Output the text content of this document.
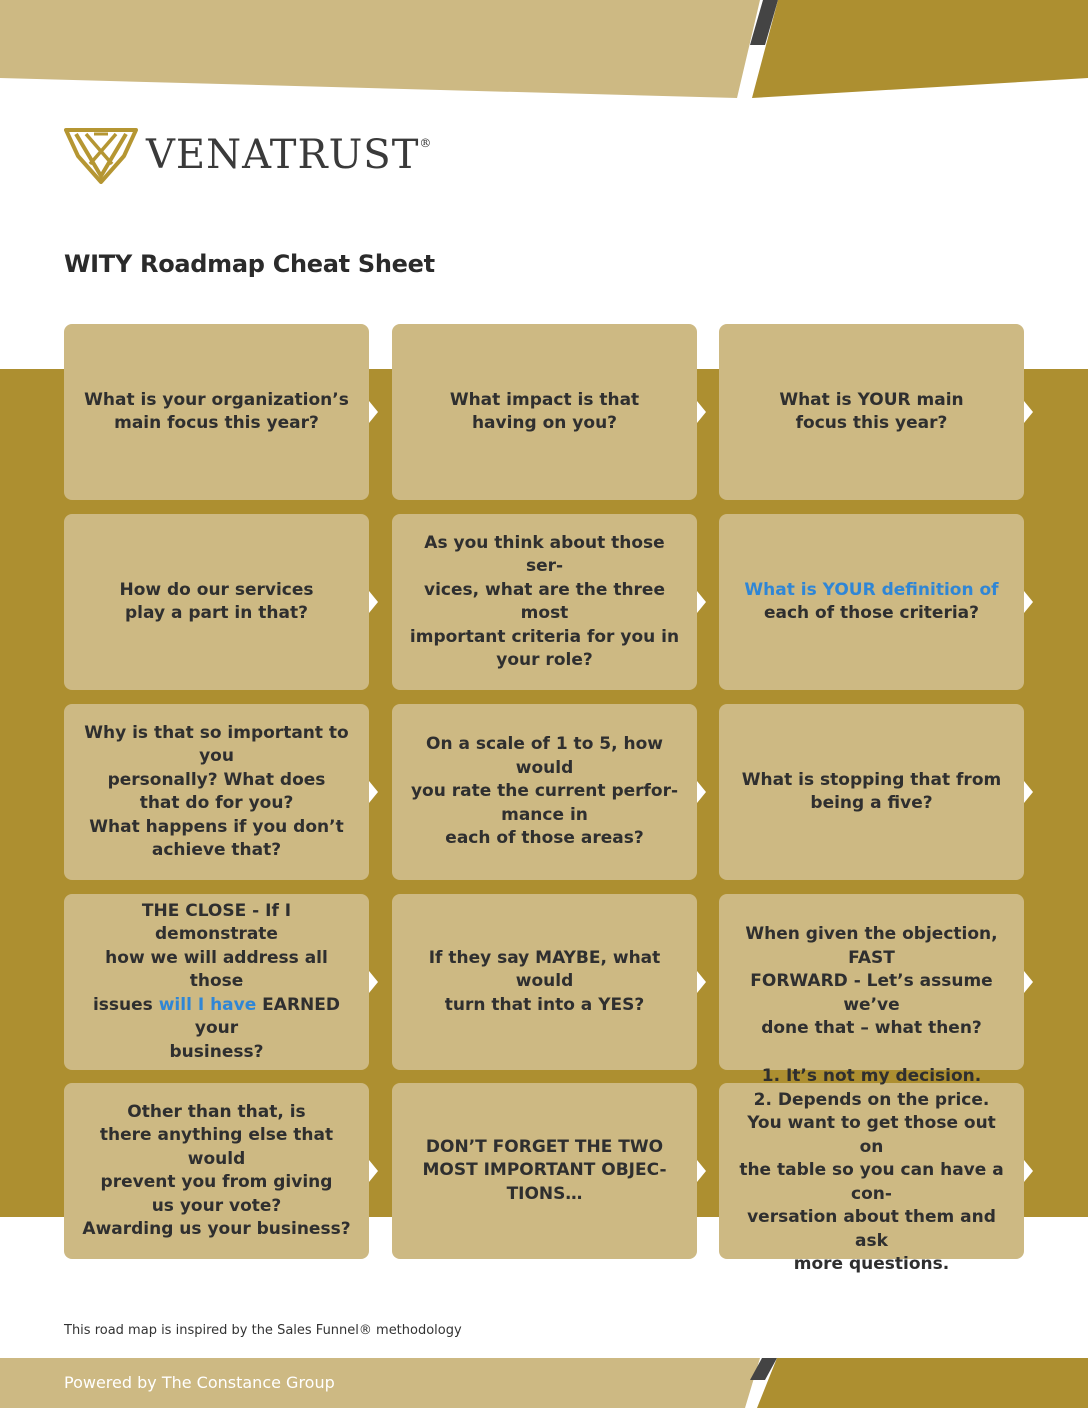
VENATRUST®
WITY Roadmap Cheat Sheet
What is your organization’s
main focus this year?
What impact is that
having on you?
What is YOUR main
focus this year?
How do our services
play a part in that?
As you think about those ser-
vices, what are the three most
important criteria for you in
your role?
What is YOUR definition of
each of those criteria?
Why is that so important to you
personally? What does
that do for you?
What happens if you don’t
achieve that?
On a scale of 1 to 5, how would
you rate the current perfor-
mance in
each of those areas?
What is stopping that from
being a five?
THE CLOSE - If I demonstrate
how we will address all those
issues will I have EARNED your
business?
If they say MAYBE, what would
turn that into a YES?
When given the objection, FAST
FORWARD - Let’s assume we’ve
done that – what then?
Other than that, is
there anything else that would
prevent you from giving
us your vote?
Awarding us your business?
DON’T FORGET THE TWO
MOST IMPORTANT OBJEC-
TIONS…
1. It’s not my decision.
2. Depends on the price.
You want to get those out on
the table so you can have a con-
versation about them and ask
more questions.
This road map is inspired by the Sales Funnel® methodology
Powered by The Constance Group
